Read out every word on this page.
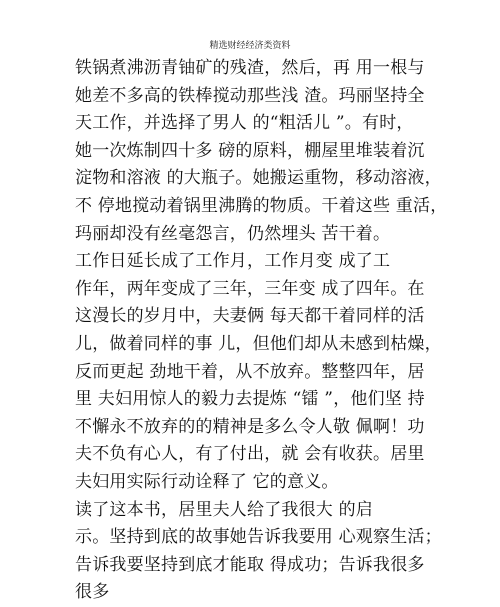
精选财经经济类资料
铁锅煮沸沥青铀矿的残渣，然后，再 用一根与
她差不多高的铁棒搅动那些浅 渣。玛丽坚持全
天工作，并选择了男人 的“粗活儿 ”。有时，
她一次炼制四十多 磅的原料，棚屋里堆装着沉
淀物和溶液 的大瓶子。她搬运重物，移动溶液，
不 停地搅动着锅里沸腾的物质。干着这些 重活，
玛丽却没有丝毫怨言，仍然埋头 苦干着。
工作日延长成了工作月，工作月变 成了工
作年，两年变成了三年，三年变 成了四年。在
这漫长的岁月中，夫妻俩 每天都干着同样的活
儿，做着同样的事 儿，但他们却从未感到枯燥，
反而更起 劲地干着，从不放弃。整整四年，居
里 夫妇用惊人的毅力去提炼 “镭 ”，他们坚 持
不懈永不放弃的的精神是多么令人敬 佩啊！功
夫不负有心人，有了付出，就 会有收获。居里
夫妇用实际行动诠释了 它的意义。
读了这本书，居里夫人给了我很大 的启
示。坚持到底的故事她告诉我要用 心观察生活；
告诉我要坚持到底才能取 得成功；告诉我很多
很多
